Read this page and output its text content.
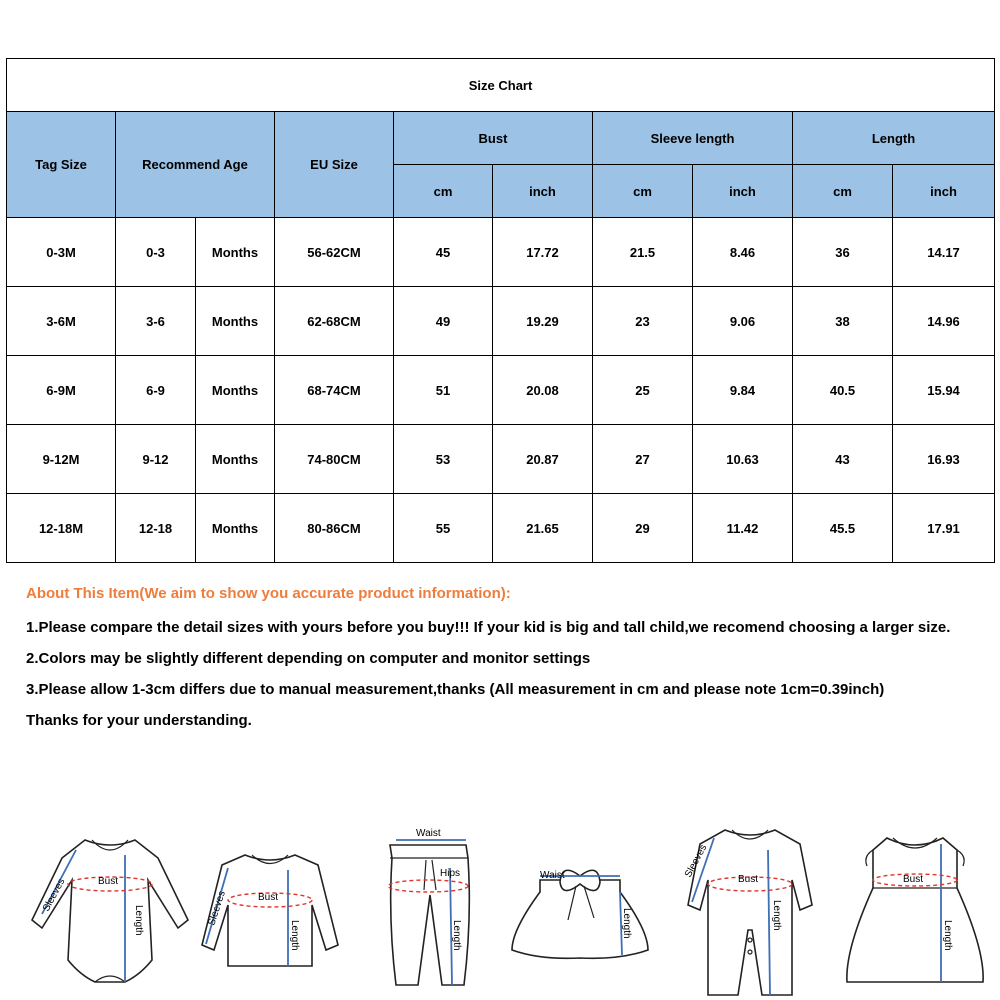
Size Chart									
Tag Size	Recommend Age		EU Size	Bust		Sleeve length		Length	
				cm	inch	cm	inch	cm	inch
0-3M	0-3	Months	56-62CM	45	17.72	21.5	8.46	36	14.17
3-6M	3-6	Months	62-68CM	49	19.29	23	9.06	38	14.96
6-9M	6-9	Months	68-74CM	51	20.08	25	9.84	40.5	15.94
9-12M	9-12	Months	74-80CM	53	20.87	27	10.63	43	16.93
12-18M	12-18	Months	80-86CM	55	21.65	29	11.42	45.5	17.91

About This Item(We aim to show you accurate product information):

1.Please compare the detail sizes with yours before you buy!!! If your kid is big and tall child,we recomend choosing a larger size.

2.Colors may be slightly different depending on computer and monitor settings

3.Please allow 1-3cm differs due to manual measurement,thanks (All measurement in cm and please note 1cm=0.39inch)

Thanks for your understanding.

Bust
Sleeves
Length
Bust
Sleeves
Length
Waist
Hips
Length
Waist
Length
Bust
Sleeves
Length
Bust
Length
